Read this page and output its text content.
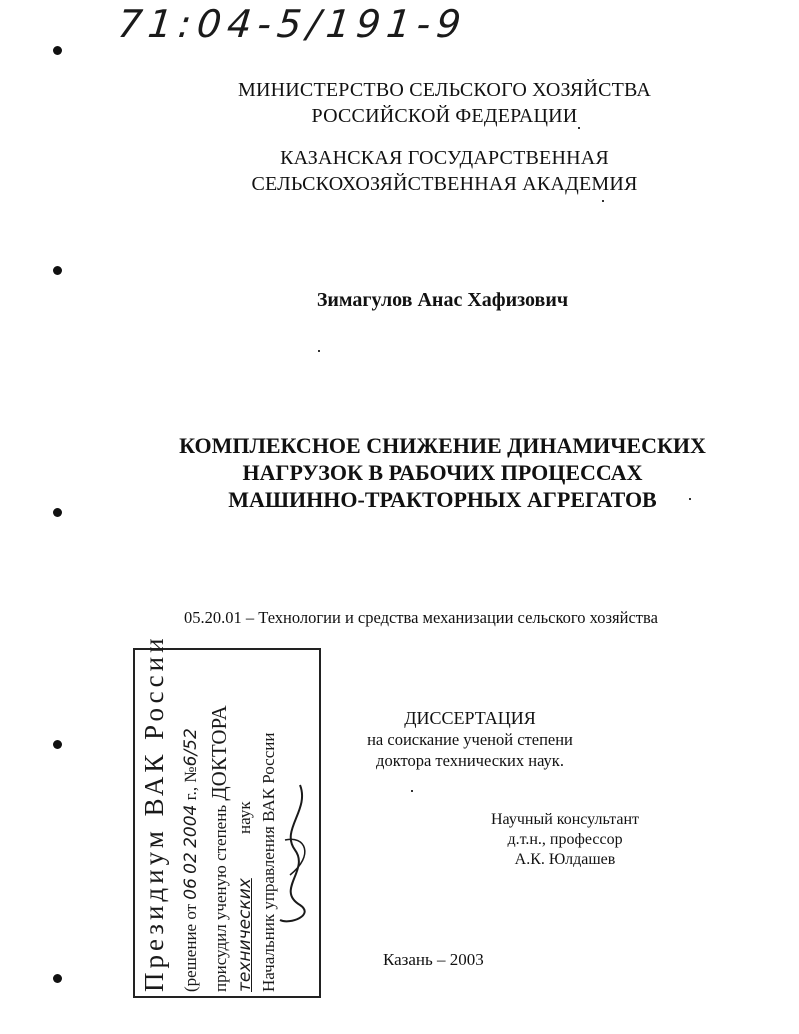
71:04-5/191-9
МИНИСТЕРСТВО СЕЛЬСКОГО ХОЗЯЙСТВА
РОССИЙСКОЙ ФЕДЕРАЦИИ
КАЗАНСКАЯ ГОСУДАРСТВЕННАЯ
СЕЛЬСКОХОЗЯЙСТВЕННАЯ АКАДЕМИЯ
Зимагулов Анас Хафизович
КОМПЛЕКСНОЕ СНИЖЕНИЕ ДИНАМИЧЕСКИХ
НАГРУЗОК В РАБОЧИХ ПРОЦЕССАХ
МАШИННО-ТРАКТОРНЫХ АГРЕГАТОВ
05.20.01 – Технологии и средства механизации сельского хозяйства
ДИССЕРТАЦИЯ
на соискание ученой степени
доктора технических наук.
Научный консультант
д.т.н., профессор
А.К. Юлдашев
Казань – 2003
Президиум ВАК России (решение от 06 02 2004 г., №6/52
присудил ученую степень ДОКТОРА
технических наук Начальник управления ВАК России
